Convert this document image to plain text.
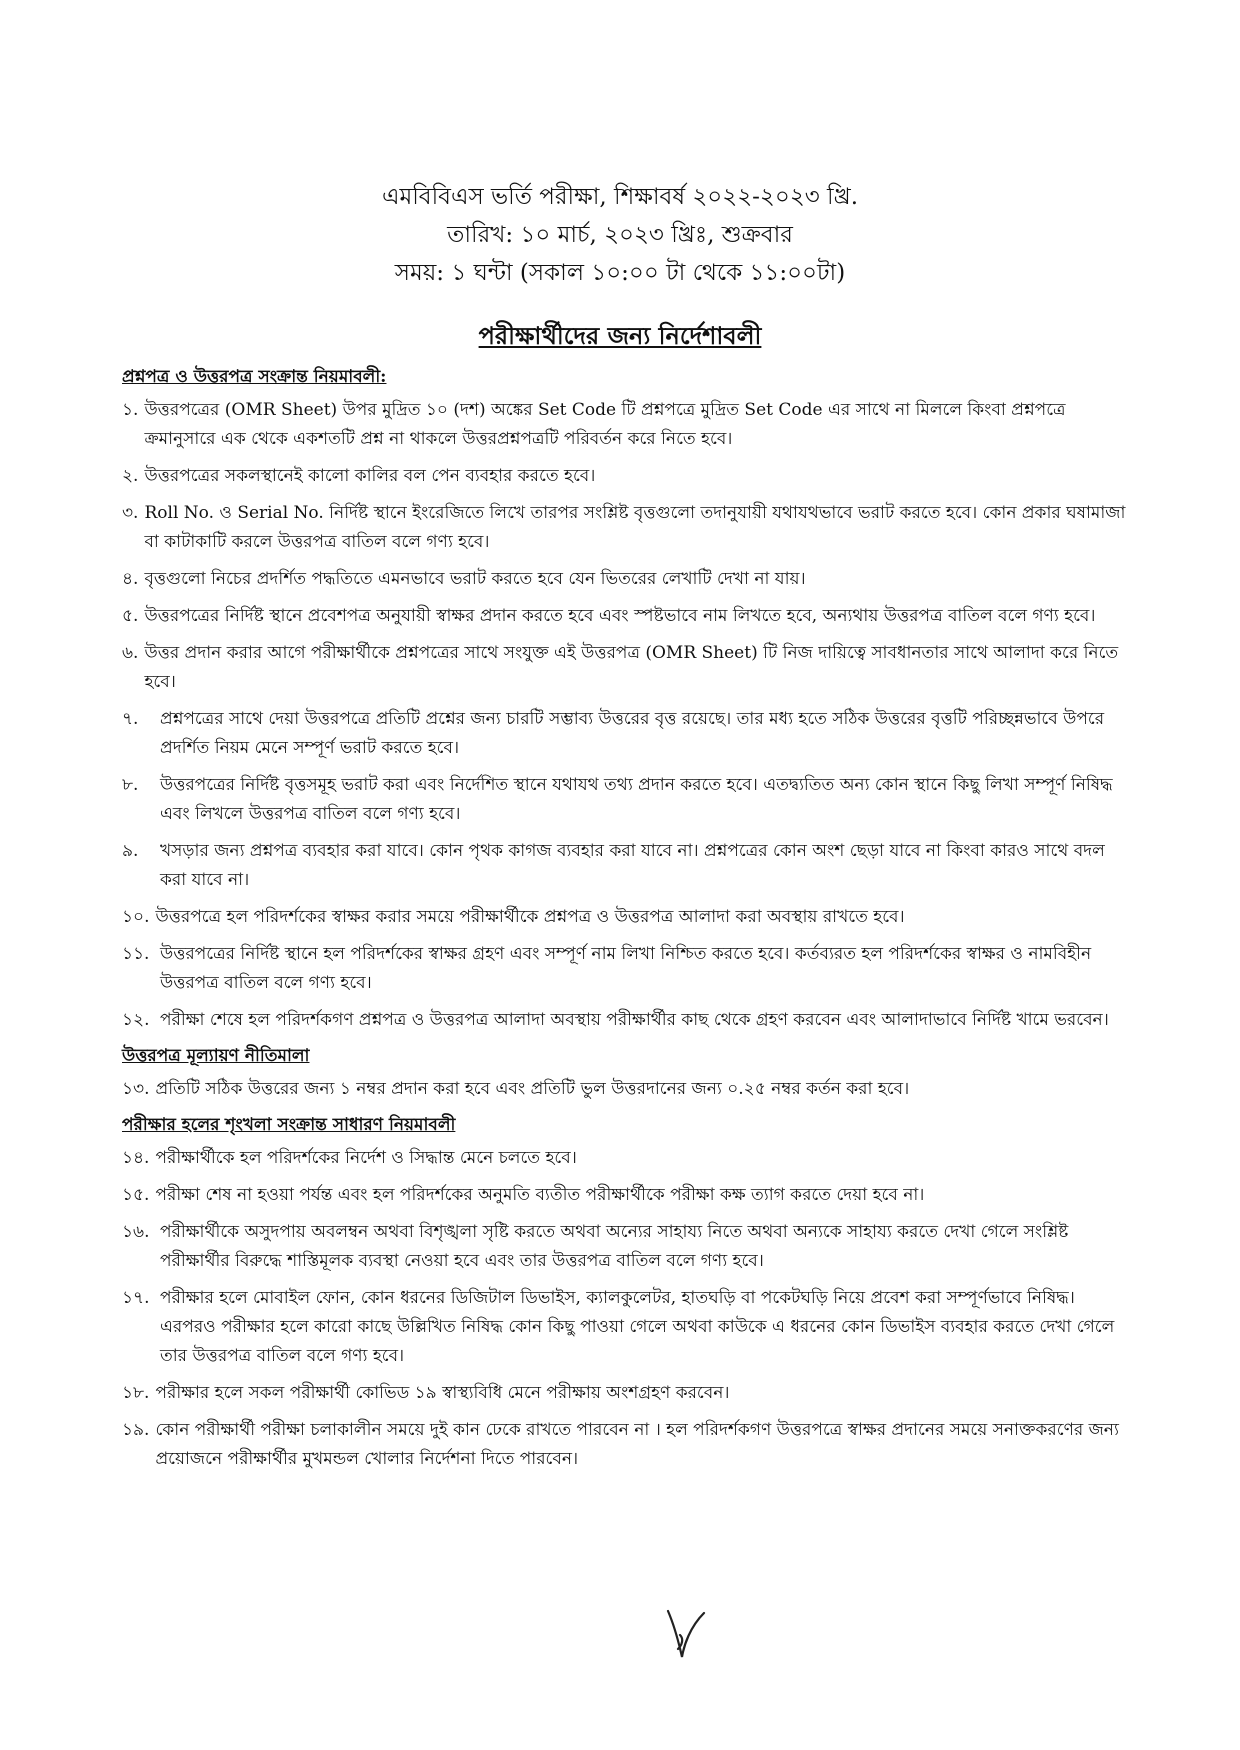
এমবিবিএস ভর্তি পরীক্ষা, শিক্ষাবর্ষ ২০২২-২০২৩ খ্রি.
তারিখ: ১০ মার্চ, ২০২৩ খ্রিঃ, শুক্রবার
সময়: ১ ঘন্টা (সকাল ১০:০০ টা থেকে ১১:০০টা)
পরীক্ষার্থীদের জন্য নির্দেশাবলী
প্রশ্নপত্র ও উত্তরপত্র সংক্রান্ত নিয়মাবলী:
১. উত্তরপত্রের (OMR Sheet) উপর মুদ্রিত ১০ (দশ) অঙ্কের Set Code টি প্রশ্নপত্রে মুদ্রিত Set Code এর সাথে না মিললে কিংবা প্রশ্নপত্রে ক্রমানুসারে এক থেকে একশতটি প্রশ্ন না থাকলে উত্তরপ্রশ্নপত্রটি পরিবর্তন করে নিতে হবে।
২. উত্তরপত্রের সকলস্থানেই কালো কালির বল পেন ব্যবহার করতে হবে।
৩. Roll No. ও Serial No. নির্দিষ্ট স্থানে ইংরেজিতে লিখে তারপর সংশ্লিষ্ট বৃত্তগুলো তদানুযায়ী যথাযথভাবে ভরাট করতে হবে। কোন প্রকার ঘষামাজা বা কাটাকাটি করলে উত্তরপত্র বাতিল বলে গণ্য হবে।
৪. বৃত্তগুলো নিচের প্রদর্শিত পদ্ধতিতে এমনভাবে ভরাট করতে হবে যেন ভিতরের লেখাটি দেখা না যায়।
৫. উত্তরপত্রের নির্দিষ্ট স্থানে প্রবেশপত্র অনুযায়ী স্বাক্ষর প্রদান করতে হবে এবং স্পষ্টভাবে নাম লিখতে হবে, অন্যথায় উত্তরপত্র বাতিল বলে গণ্য হবে।
৬. উত্তর প্রদান করার আগে পরীক্ষার্থীকে প্রশ্নপত্রের সাথে সংযুক্ত এই উত্তরপত্র (OMR Sheet) টি নিজ দায়িত্বে সাবধানতার সাথে আলাদা করে নিতে হবে।
৭.	প্রশ্নপত্রের সাথে দেয়া উত্তরপত্রে প্রতিটি প্রশ্নের জন্য চারটি সম্ভাব্য উত্তরের বৃত্ত রয়েছে। তার মধ্য হতে সঠিক উত্তরের বৃত্তটি পরিচ্ছন্নভাবে উপরে প্রদর্শিত নিয়ম মেনে সম্পূর্ণ ভরাট করতে হবে।
৮.	উত্তরপত্রের নির্দিষ্ট বৃত্তসমূহ ভরাট করা এবং নির্দেশিত স্থানে যথাযথ তথ্য প্রদান করতে হবে। এতদ্ব্যতিত অন্য কোন স্থানে কিছু লিখা সম্পূর্ণ নিষিদ্ধ এবং লিখলে উত্তরপত্র বাতিল বলে গণ্য হবে।
৯.	খসড়ার জন্য প্রশ্নপত্র ব্যবহার করা যাবে। কোন পৃথক কাগজ ব্যবহার করা যাবে না। প্রশ্নপত্রের কোন অংশ ছেড়া যাবে না কিংবা কারও সাথে বদল করা যাবে না।
১০. উত্তরপত্রে হল পরিদর্শকের স্বাক্ষর করার সময়ে পরীক্ষার্থীকে প্রশ্নপত্র ও উত্তরপত্র আলাদা করা অবস্থায় রাখতে হবে।
১১. উত্তরপত্রের নির্দিষ্ট স্থানে হল পরিদর্শকের স্বাক্ষর গ্রহণ এবং সম্পূর্ণ নাম লিখা নিশ্চিত করতে হবে। কর্তব্যরত হল পরিদর্শকের স্বাক্ষর ও নামবিহীন উত্তরপত্র বাতিল বলে গণ্য হবে।
১২. পরীক্ষা শেষে হল পরিদর্শকগণ প্রশ্নপত্র ও উত্তরপত্র আলাদা অবস্থায় পরীক্ষার্থীর কাছ থেকে গ্রহণ করবেন এবং আলাদাভাবে নির্দিষ্ট খামে ভরবেন।
উত্তরপত্র মূল্যায়ণ নীতিমালা
১৩. প্রতিটি সঠিক উত্তরের জন্য ১ নম্বর প্রদান করা হবে এবং প্রতিটি ভুল উত্তরদানের জন্য ০.২৫ নম্বর কর্তন করা হবে।
পরীক্ষার হলের শৃংখলা সংক্রান্ত সাধারণ নিয়মাবলী
১৪. পরীক্ষার্থীকে হল পরিদর্শকের নির্দেশ ও সিদ্ধান্ত মেনে চলতে হবে।
১৫. পরীক্ষা শেষ না হওয়া পর্যন্ত এবং হল পরিদর্শকের অনুমতি ব্যতীত পরীক্ষার্থীকে পরীক্ষা কক্ষ ত্যাগ করতে দেয়া হবে না।
১৬. পরীক্ষার্থীকে অসুদপায় অবলম্বন অথবা বিশৃঙ্খলা সৃষ্টি করতে অথবা অন্যের সাহায্য নিতে অথবা অন্যকে সাহায্য করতে দেখা গেলে সংশ্লিষ্ট পরীক্ষার্থীর বিরুদ্ধে শাস্তিমূলক ব্যবস্থা নেওয়া হবে এবং তার উত্তরপত্র বাতিল বলে গণ্য হবে।
১৭. পরীক্ষার হলে মোবাইল ফোন, কোন ধরনের ডিজিটাল ডিভাইস, ক্যালকুলেটর, হাতঘড়ি বা পকেটঘড়ি নিয়ে প্রবেশ করা সম্পূর্ণভাবে নিষিদ্ধ। এরপরও পরীক্ষার হলে কারো কাছে উল্লিখিত নিষিদ্ধ কোন কিছু পাওয়া গেলে অথবা কাউকে এ ধরনের কোন ডিভাইস ব্যবহার করতে দেখা গেলে তার উত্তরপত্র বাতিল বলে গণ্য হবে।
১৮. পরীক্ষার হলে সকল পরীক্ষার্থী কোভিড ১৯ স্বাস্থ্যবিধি মেনে পরীক্ষায় অংশগ্রহণ করবেন।
১৯. কোন পরীক্ষার্থী পরীক্ষা চলাকালীন সময়ে দুই কান ঢেকে রাখতে পারবেন না । হল পরিদর্শকগণ উত্তরপত্রে স্বাক্ষর প্রদানের সময়ে সনাক্তকরণের জন্য প্রয়োজনে পরীক্ষার্থীর মুখমন্ডল খোলার নির্দেশনা দিতে পারবেন।
